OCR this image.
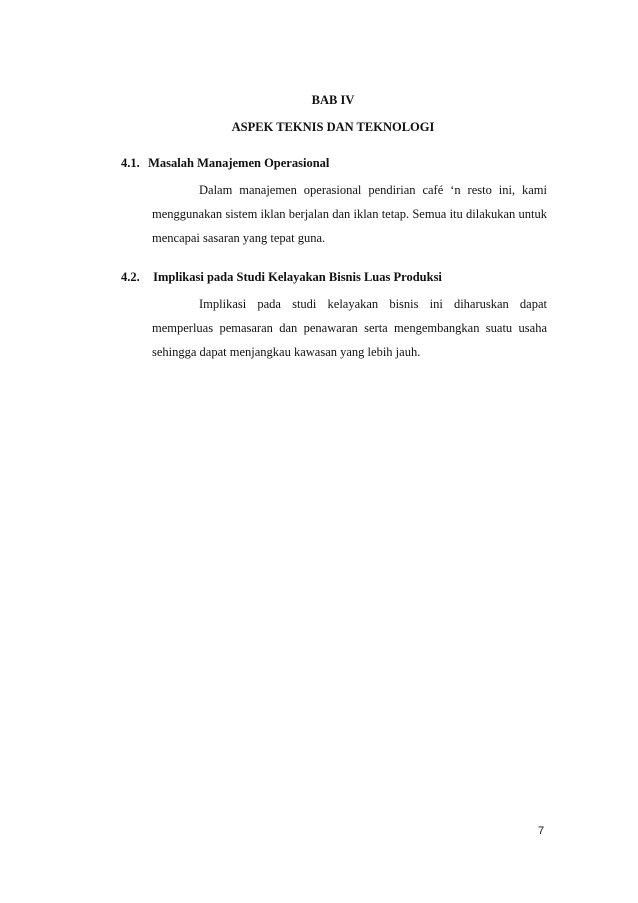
BAB IV
ASPEK TEKNIS DAN TEKNOLOGI
4.1. Masalah Manajemen Operasional

Dalam manajemen operasional pendirian café ‘n resto ini, kami menggunakan sistem iklan berjalan dan iklan tetap. Semua itu dilakukan untuk mencapai sasaran yang tepat guna.

4.2. Implikasi pada Studi Kelayakan Bisnis Luas Produksi

Implikasi pada studi kelayakan bisnis ini diharuskan dapat memperluas pemasaran dan penawaran serta mengembangkan suatu usaha sehingga dapat menjangkau kawasan yang lebih jauh.

7
